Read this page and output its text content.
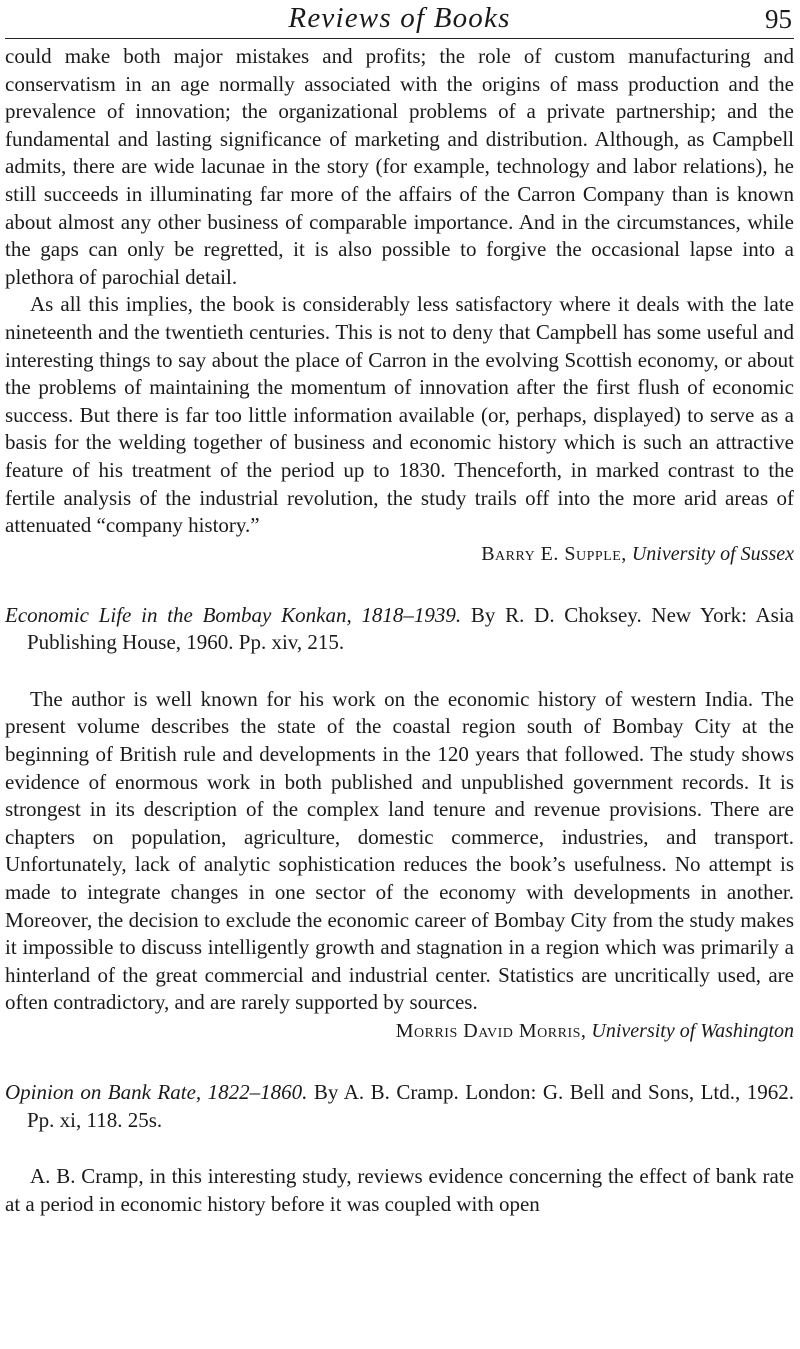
Reviews of Books	95

could make both major mistakes and profits; the role of custom manufacturing and conservatism in an age normally associated with the origins of mass production and the prevalence of innovation; the organizational problems of a private partnership; and the fundamental and lasting significance of marketing and distribution. Although, as Campbell admits, there are wide lacunae in the story (for example, technology and labor relations), he still succeeds in illuminating far more of the affairs of the Carron Company than is known about almost any other business of comparable importance. And in the circumstances, while the gaps can only be regretted, it is also possible to forgive the occasional lapse into a plethora of parochial detail.

As all this implies, the book is considerably less satisfactory where it deals with the late nineteenth and the twentieth centuries. This is not to deny that Campbell has some useful and interesting things to say about the place of Carron in the evolving Scottish economy, or about the problems of maintaining the momentum of innovation after the first flush of economic success. But there is far too little information available (or, perhaps, displayed) to serve as a basis for the welding together of business and economic history which is such an attractive feature of his treatment of the period up to 1830. Thenceforth, in marked contrast to the fertile analysis of the industrial revolution, the study trails off into the more arid areas of attenuated “company history.”

Barry E. Supple, University of Sussex
Economic Life in the Bombay Konkan, 1818–1939. By R. D. Choksey. New York: Asia Publishing House, 1960. Pp. xiv, 215.

The author is well known for his work on the economic history of western India. The present volume describes the state of the coastal region south of Bombay City at the beginning of British rule and developments in the 120 years that followed. The study shows evidence of enormous work in both published and unpublished government records. It is strongest in its description of the complex land tenure and revenue provisions. There are chapters on population, agriculture, domestic commerce, industries, and transport. Unfortunately, lack of analytic sophistication reduces the book’s usefulness. No attempt is made to integrate changes in one sector of the economy with developments in another. Moreover, the decision to exclude the economic career of Bombay City from the study makes it impossible to discuss intelligently growth and stagnation in a region which was primarily a hinterland of the great commercial and industrial center. Statistics are uncritically used, are often contradictory, and are rarely supported by sources.

Morris David Morris, University of Washington
Opinion on Bank Rate, 1822–1860. By A. B. Cramp. London: G. Bell and Sons, Ltd., 1962. Pp. xi, 118. 25s.

A. B. Cramp, in this interesting study, reviews evidence concerning the effect of bank rate at a period in economic history before it was coupled with open
